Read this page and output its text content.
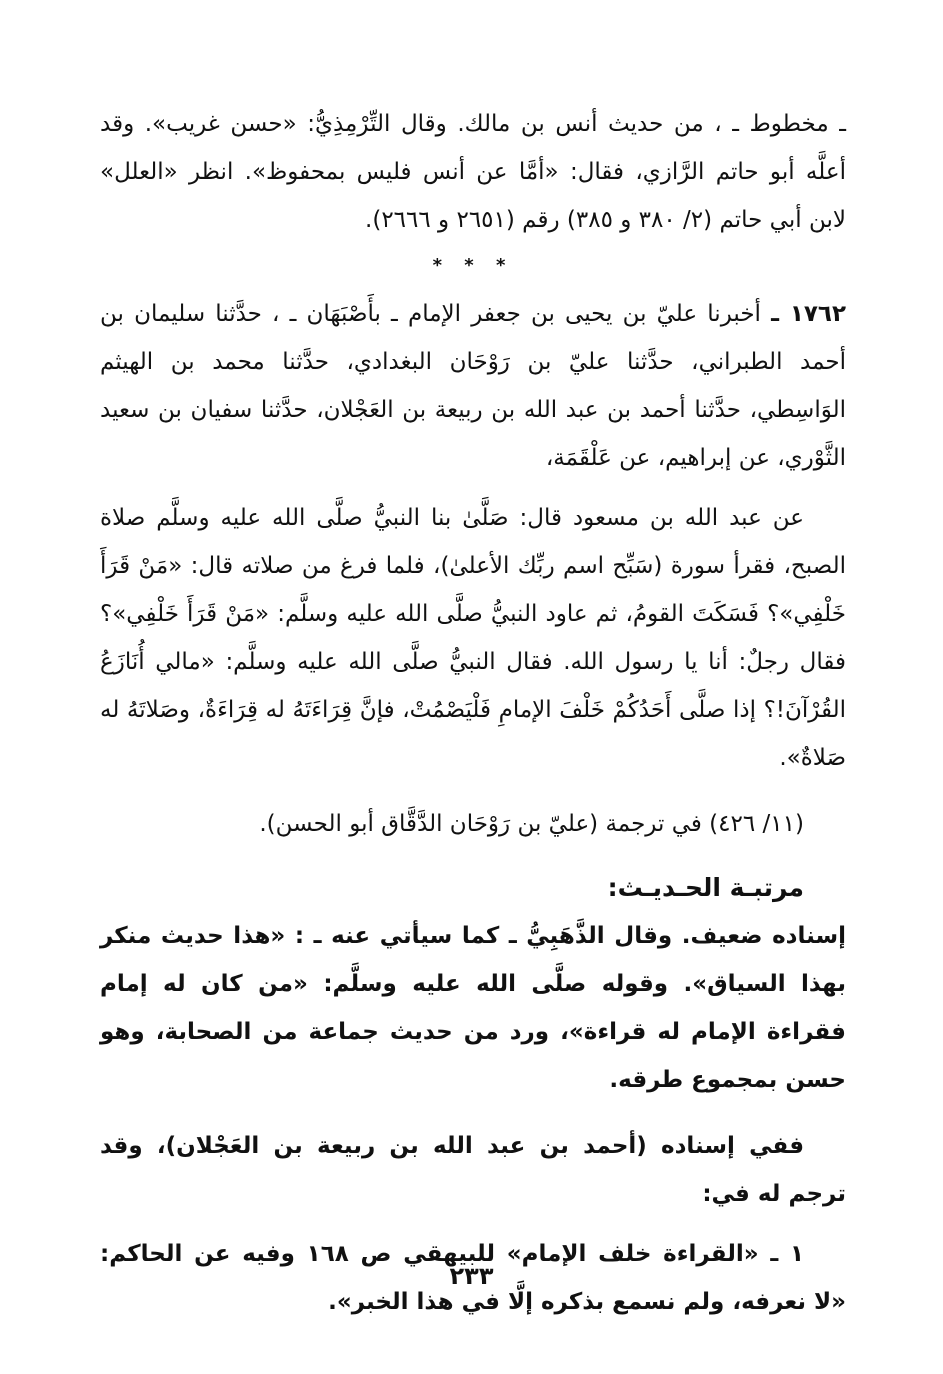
ـ مخطوط ـ ، من حديث أنس بن مالك. وقال التِّرْمِذِيُّ: «حسن غريب». وقد أعلَّه أبو حاتم الرَّازي، فقال: «أمَّا عن أنس فليس بمحفوظ». انظر «العلل» لابن أبي حاتم (٢/ ٣٨٠ و ٣٨٥) رقم (٢٦٥١ و ٢٦٦٦).

* * *

١٧٦٢ ـ أخبرنا عليّ بن يحيى بن جعفر الإمام ـ بأَصْبَهَان ـ ، حدَّثنا سليمان بن أحمد الطبراني، حدَّثنا عليّ بن رَوْحَان البغدادي، حدَّثنا محمد بن الهيثم الوَاسِطي، حدَّثنا أحمد بن عبد الله بن ربيعة بن العَجْلان، حدَّثنا سفيان بن سعيد الثَّوْري، عن إبراهيم، عن عَلْقَمَة،

عن عبد الله بن مسعود قال: صَلَّىٰ بنا النبيُّ صلَّى الله عليه وسلَّم صلاة الصبح، فقرأ سورة (سَبِّح اسم ربِّك الأعلىٰ)، فلما فرغ من صلاته قال: «مَنْ قَرَأَ خَلْفِي»؟ فَسَكَتَ القومُ، ثم عاود النبيُّ صلَّى الله عليه وسلَّم: «مَنْ قَرَأَ خَلْفِي»؟ فقال رجلٌ: أنا يا رسول الله. فقال النبيُّ صلَّى الله عليه وسلَّم: «مالي أُنَازَعُ القُرْآنَ!؟ إذا صلَّى أَحَدُكُمْ خَلْفَ الإمامِ فَلْيَصْمُتْ، فإنَّ قِرَاءَتَهُ له قِرَاءَةٌ، وصَلاتَهُ له صَلاةٌ».

(١١/ ٤٢٦) في ترجمة (عليّ بن رَوْحَان الدَّقَّاق أبو الحسن).

مرتبـة الحـديـث:

إسناده ضعيف. وقال الذَّهَبِيُّ ـ كما سيأتي عنه ـ : «هذا حديث منكر بهذا السياق». وقوله صلَّى الله عليه وسلَّم: «من كان له إمام فقراءة الإمام له قراءة»، ورد من حديث جماعة من الصحابة، وهو حسن بمجموع طرقه.

ففي إسناده (أحمد بن عبد الله بن ربيعة بن العَجْلان)، وقد ترجم له في:

١ ـ «القراءة خلف الإمام» للبيهقي ص ١٦٨ وفيه عن الحاكم: «لا نعرفه، ولم نسمع بذكره إلَّا في هذا الخبر».

٢٣٣
